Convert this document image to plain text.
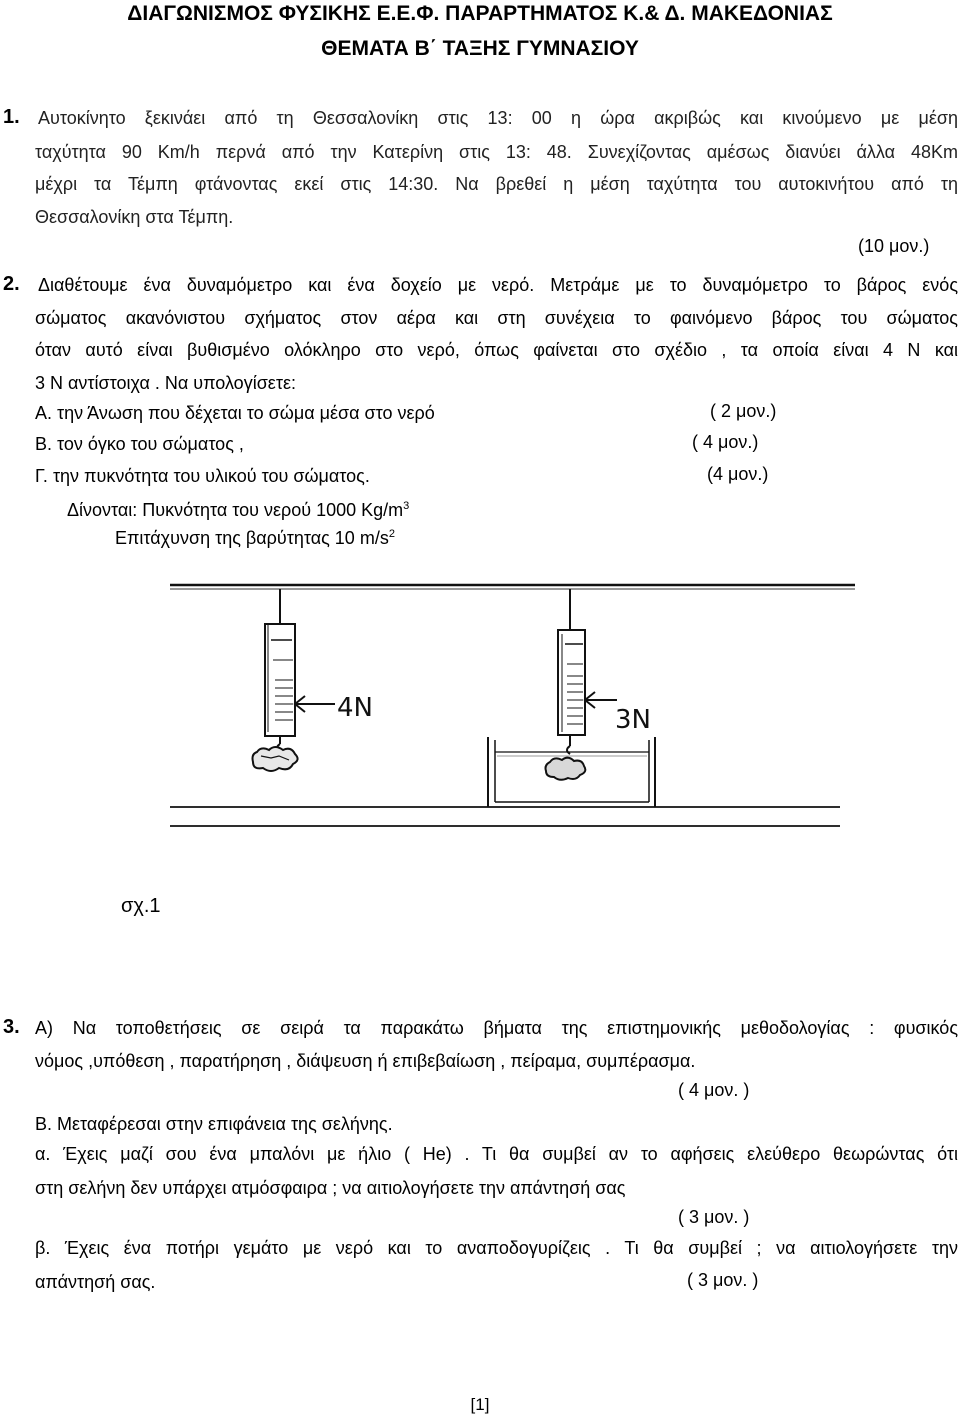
ΔΙΑΓΩΝΙΣΜΟΣ ΦΥΣΙΚΗΣ Ε.Ε.Φ. ΠΑΡΑΡΤΗΜΑΤΟΣ Κ.& Δ. ΜΑΚΕΔΟΝΙΑΣ
ΘΕΜΑΤΑ Β΄ ΤΑΞΗΣ ΓΥΜΝΑΣΙΟΥ
1. Αυτοκίνητο ξεκινάει από τη Θεσσαλονίκη στις 13: 00 η ώρα ακριβώς και κινούμενο με μέση
ταχύτητα 90 Km/h περνά από την Κατερίνη στις 13: 48. Συνεχίζοντας αμέσως διανύει άλλα 48Km
μέχρι τα Τέμπη φτάνοντας εκεί στις 14:30. Να βρεθεί η μέση ταχύτητα του αυτοκινήτου από τη
Θεσσαλονίκη στα Τέμπη.
(10 μον.)
2. Διαθέτουμε ένα δυναμόμετρο και ένα δοχείο με νερό. Μετράμε με το δυναμόμετρο το βάρος ενός
σώματος ακανόνιστου σχήματος στον αέρα και στη συνέχεια το φαινόμενο βάρος του σώματος
όταν αυτό είναι βυθισμένο ολόκληρο στο νερό, όπως φαίνεται στο σχέδιο , τα οποία είναι 4 Ν και
3 Ν αντίστοιχα . Να υπολογίσετε:
Α. την Άνωση που δέχεται το σώμα μέσα στο νερό	( 2 μον.)
Β. τον όγκο του σώματος ,	( 4 μον.)
Γ. την πυκνότητα του υλικού του σώματος.	(4 μον.)
Δίνονται: Πυκνότητα του νερού 1000 $Kg/m^3$
Επιτάχυνση της βαρύτητας 10 $m/s^2$
4N	3N
σχ.1
3. Α) Να τοποθετήσεις σε σειρά τα παρακάτω βήματα της επιστημονικής μεθοδολογίας : φυσικός
νόμος ,υπόθεση , παρατήρηση , διάψευση ή επιβεβαίωση , πείραμα, συμπέρασμα.
( 4 μον. )
Β. Μεταφέρεσαι στην επιφάνεια της σελήνης.
α. Έχεις μαζί σου ένα μπαλόνι με ήλιο ( He) . Τι θα συμβεί αν το αφήσεις ελεύθερο θεωρώντας ότι
στη σελήνη δεν υπάρχει ατμόσφαιρα ; να αιτιολογήσετε την απάντησή σας
( 3 μον. )
β. Έχεις ένα ποτήρι γεμάτο με νερό και το αναποδογυρίζεις . Τι θα συμβεί ; να αιτιολογήσετε την
απάντησή σας.	( 3 μον. )
[1]
